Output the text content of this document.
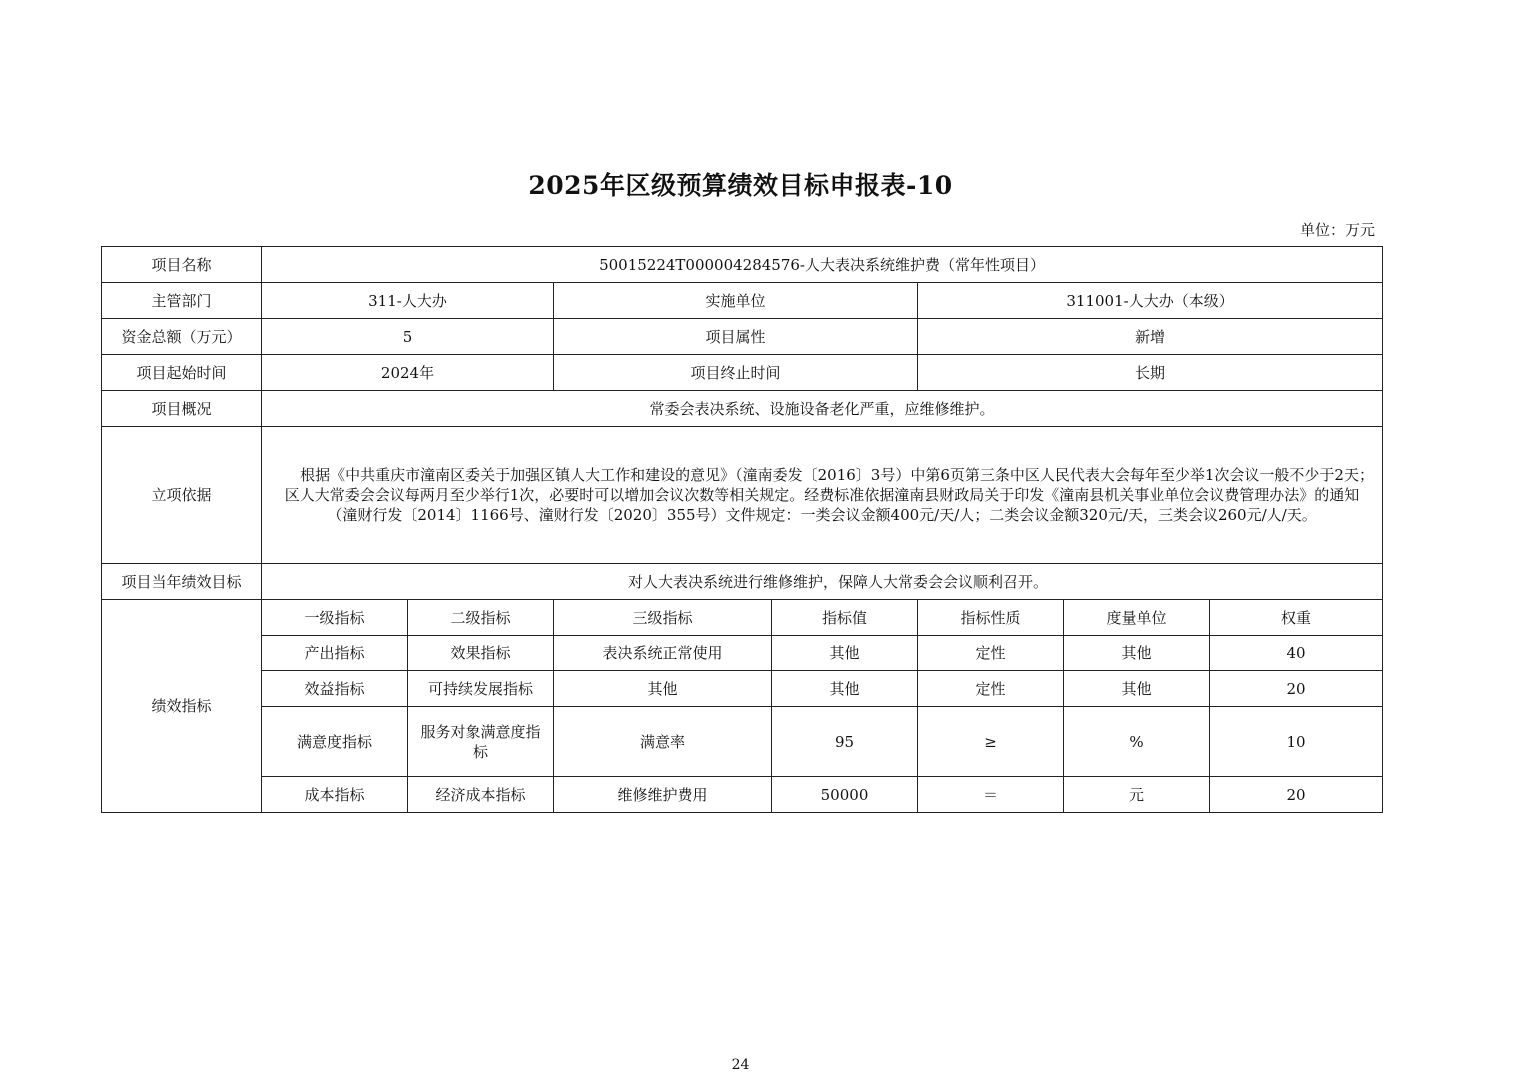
2025年区级预算绩效目标申报表-10
单位：万元
项目名称	50015224T000004284576-人大表决系统维护费（常年性项目）						
主管部门	311-人大办		实施单位		311001-人大办（本级）		
资金总额（万元）	5		项目属性		新增		
项目起始时间	2024年		项目终止时间		长期		
项目概况	常委会表决系统、设施设备老化严重，应维修维护。						
立项依据	根据《中共重庆市潼南区委关于加强区镇人大工作和建设的意见》（潼南委发〔2016〕3号）中第6页第三条中区人民代表大会每年至少举1次会议一般不少于2天；区人大常委会会议每两月至少举行1次，必要时可以增加会议次数等相关规定。经费标准依据潼南县财政局关于印发《潼南县机关事业单位会议费管理办法》的通知（潼财行发〔2014〕1166号、潼财行发〔2020〕355号）文件规定：一类会议金额400元/天/人；二类会议金额320元/天，三类会议260元/人/天。						

项目当年绩效目标	对人大表决系统进行维修维护，保障人大常委会会议顺利召开。						
绩效指标	一级指标	二级指标	三级指标	指标值	指标性质	度量单位	权重
	产出指标	效果指标	表决系统正常使用	其他	定性	其他	40
	效益指标	可持续发展指标	其他	其他	定性	其他	20
	满意度指标	服务对象满意度指标	满意率	95	≥	%	10
	成本指标	经济成本指标	维修维护费用	50000	＝	元	20
24
